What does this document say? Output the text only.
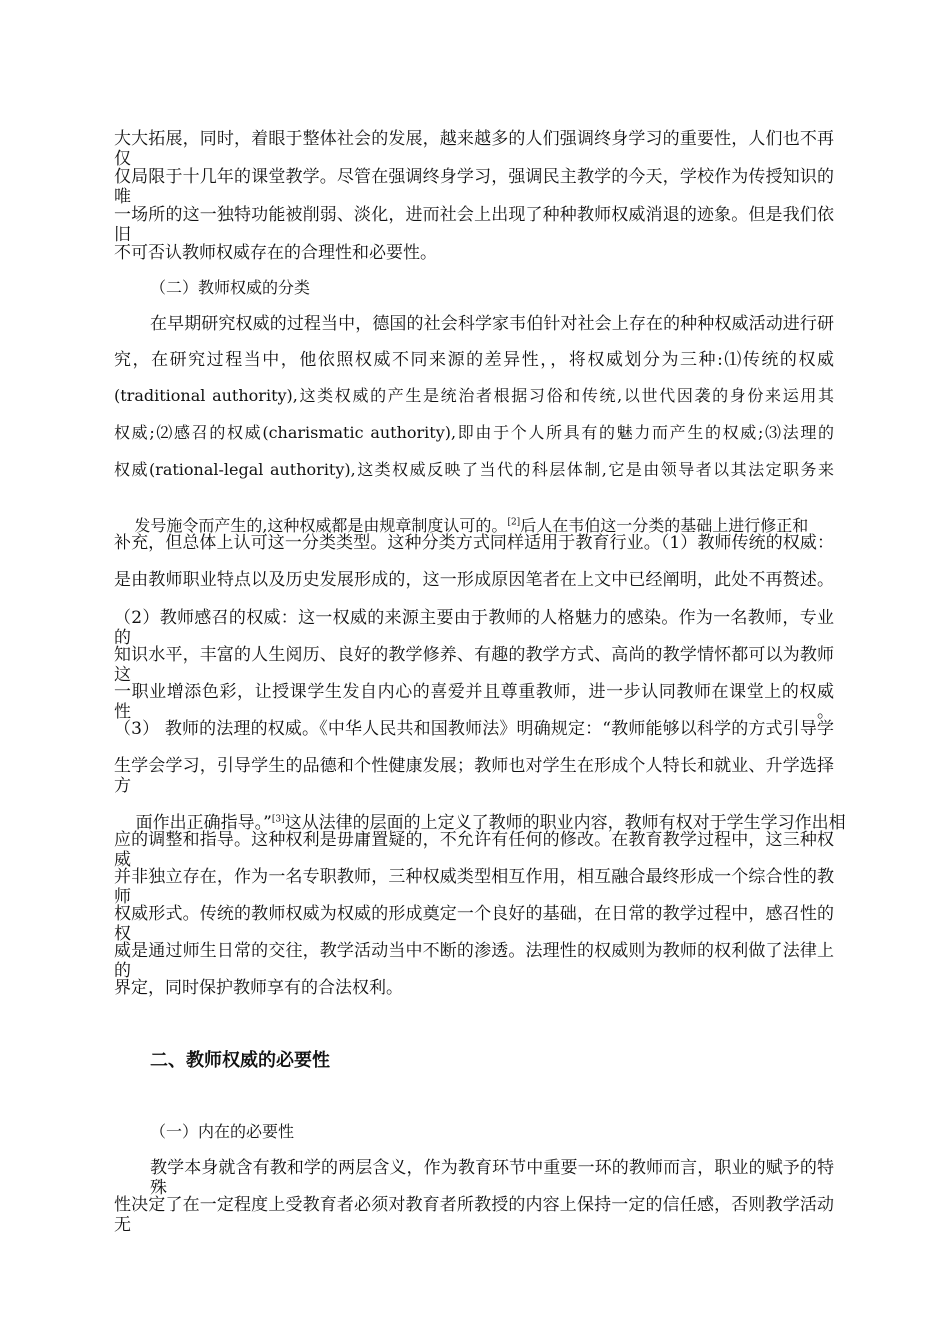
大大拓展，同时，着眼于整体社会的发展，越来越多的人们强调终身学习的重要性，人们也不再仅
仅局限于十几年的课堂教学。尽管在强调终身学习，强调民主教学的今天，学校作为传授知识的唯
一场所的这一独特功能被削弱、淡化，进而社会上出现了种种教师权威消退的迹象。但是我们依旧
不可否认教师权威存在的合理性和必要性。
（二）教师权威的分类
在早期研究权威的过程当中，德国的社会科学家韦伯针对社会上存在的种种权威活动进行研
究，在研究过程当中，他依照权威不同来源的差异性，，将权威划分为三种:⑴传统的权威
(traditional authority),这类权威的产生是统治者根据习俗和传统,以世代因袭的身份来运用其
权威;⑵感召的权威(charismatic authority),即由于个人所具有的魅力而产生的权威;⑶法理的
权威(rational-legal authority),这类权威反映了当代的科层体制,它是由领导者以其法定职务来

发号施令而产生的,这种权威都是由规章制度认可的。[2]后人在韦伯这一分类的基础上进行修正和

补充，但总体上认可这一分类类型。这种分类方式同样适用于教育行业。（1）教师传统的权威：
是由教师职业特点以及历史发展形成的，这一形成原因笔者在上文中已经阐明，此处不再赘述。
（2）教师感召的权威：这一权威的来源主要由于教师的人格魅力的感染。作为一名教师，专业的
知识水平，丰富的人生阅历、良好的教学修养、有趣的教学方式、高尚的教学情怀都可以为教师这
一职业增添色彩，让授课学生发自内心的喜爱并且尊重教师，进一步认同教师在课堂上的权威性。
（3） 教师的法理的权威。《中华人民共和国教师法》明确规定：“教师能够以科学的方式引导学
生学会学习，引导学生的品德和个性健康发展；教师也对学生在形成个人特长和就业、升学选择方

面作出正确指导。”[3]这从法律的层面的上定义了教师的职业内容，教师有权对于学生学习作出相

应的调整和指导。这种权利是毋庸置疑的，不允许有任何的修改。在教育教学过程中，这三种权威
并非独立存在，作为一名专职教师，三种权威类型相互作用，相互融合最终形成一个综合性的教师
权威形式。传统的教师权威为权威的形成奠定一个良好的基础，在日常的教学过程中，感召性的权
威是通过师生日常的交往，教学活动当中不断的渗透。法理性的权威则为教师的权利做了法律上的
界定，同时保护教师享有的合法权利。
二、教师权威的必要性
（一）内在的必要性
教学本身就含有教和学的两层含义，作为教育环节中重要一环的教师而言，职业的赋予的特殊
性决定了在一定程度上受教育者必须对教育者所教授的内容上保持一定的信任感，否则教学活动无
